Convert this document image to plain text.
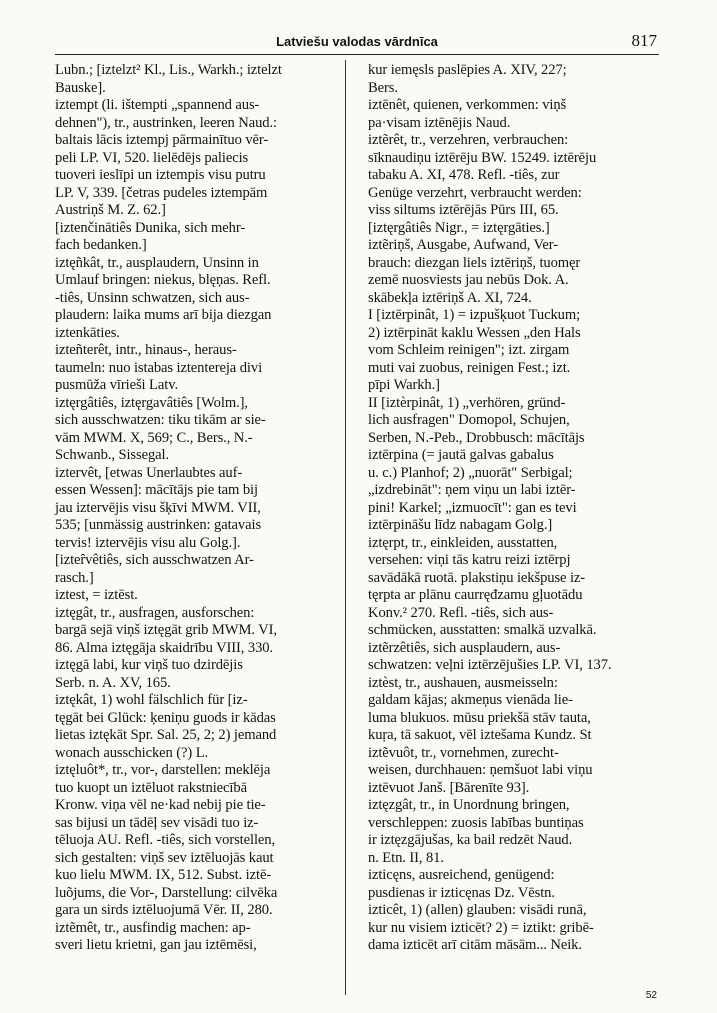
Latviešu valodas vārdnīca	817
Lubn.; [iztelzt² Kl., Lis., Warkh.; iztelzt
Bauske].
iztempt (li. ištempti „spannend aus-
dehnen"), tr., austrinken, leeren Naud.:
baltais lācis iztempj pārmainītuo vēr-
peli LP. VI, 520. lielēdējs paliecis
tuoveri ieslīpi un iztempis visu putru
LP. V, 339. [četras pudeles iztempām
Austriņš M. Z. 62.]
[iztenčinātiês Dunika, sich mehr-
fach bedanken.]
iztęñkât, tr., ausplaudern, Unsinn in
Umlauf bringen: niekus, blęņas. Refl.
-tiês, Unsinn schwatzen, sich aus-
plaudern: laika mums arī bija diezgan
iztenkāties.
izteñterêt, intr., hinaus-, heraus-
taumeln: nuo istabas iztentereja divi
pusmūža vīrieši Latv.
iztęrgâtiês, iztęrgavâtiês [Wolm.],
sich ausschwatzen: tiku tikām ar sie-
vām MWM. X, 569; C., Bers., N.-
Schwanb., Sissegal.
iztervêt, [etwas Unerlaubtes auf-
essen Wessen]: mācītājs pie tam bij
jau iztervējis visu šķīvi MWM. VII,
535; [unmässig austrinken: gatavais
tervis! iztervējis visu alu Golg.].
[izteȓvêtiês, sich ausschwatzen Ar-
rasch.]
iztest, = iztēst.
iztęgât, tr., ausfragen, ausforschen:
bargā sejā viņš iztęgāt grib MWM. VI,
86. Alma iztęgāja skaidrību VIII, 330.
iztęgā labi, kur viņš tuo dzirdējis
Serb. n. A. XV, 165.
iztękât, 1) wohl fälschlich für [iz-
tęgāt bei Glück: ķeniņu guods ir kādas
lietas iztękāt Spr. Sal. 25, 2; 2) jemand
wonach ausschicken (?) L.
iztęluôt*, tr., vor-, darstellen: meklēja
tuo kuopt un iztēluot rakstniecībā
Kronw. viņa vēl ne·kad nebij pie tie-
sas bijusi un tādēļ sev visādi tuo iz-
tēluoja AU. Refl. -tiês, sich vorstellen,
sich gestalten: viņš sev iztēluojās kaut
kuo lielu MWM. IX, 512. Subst. iztē-
luõjums, die Vor-, Darstellung: cilvēka
gara un sirds iztēluojumā Vēr. II, 280.
iztẽmêt, tr., ausfindig machen: ap-
sveri lietu krietni, gan jau iztēmēsi,
kur iemęsls paslēpies A. XIV, 227;
Bers.
iztēnêt, quienen, verkommen: viņš
pa·visam iztēnējis Naud.
iztẽrêt, tr., verzehren, verbrauchen:
sīknaudiņu iztērēju BW. 15249. iztērēju
tabaku A. XI, 478. Refl. -tiês, zur
Genüge verzehrt, verbraucht werden:
viss siltums iztērējās Pūrs III, 65.
[iztęrgâtiês Nigr., = iztęrgāties.]
iztẽriņš, Ausgabe, Aufwand, Ver-
brauch: diezgan liels iztēriņš, tuomęr
zemē nuosviests jau nebūs Dok. A.
skābekļa iztēriņš A. XI, 724.
I [iztērpinât, 1) = izpušķuot Tuckum;
2) iztērpināt kaklu Wessen „den Hals
vom Schleim reinigen"; izt. zirgam
muti vai zuobus, reinigen Fest.; izt.
pīpi Warkh.]
II [iztèrpinât, 1) „verhören, gründ-
lich ausfragen" Domopol, Schujen,
Serben, N.-Peb., Drobbusch: mācītājs
iztērpina (= jautā galvas gabalus
u. c.) Planhof; 2) „nuorāt" Serbigal;
„izdrebināt": ņem viņu un labi iztēr-
pini! Karkel; „izmuocīt": gan es tevi
iztērpināšu līdz nabagam Golg.]
iztęrpt, tr., einkleiden, ausstatten,
versehen: viņi tās katru reizi iztērpj
savādākā ruotā. plakstiņu iekšpuse iz-
tęrpta ar plānu caurręđzamu gļuotādu
Konv.² 270. Refl. -tiês, sich aus-
schmücken, ausstatten: smalkā uzvalkā.
iztẽrzêtiês, sich ausplaudern, aus-
schwatzen: veļni iztērzējušies LP. VI, 137.
iztèst, tr., aushauen, ausmeisseln:
galdam kājas; akmeņus vienāda lie-
luma blukuos. mūsu priekšā stāv tauta,
kuŗa, tā sakuot, vēl iztešama Kundz. St
iztẽvuôt, tr., vornehmen, zurecht-
weisen, durchhauen: ņemšuot labi viņu
iztēvuot Janš. [Bārenīte 93].
iztęzgât, tr., in Unordnung bringen,
verschleppen: zuosis labības buntiņas
ir iztęzgājušas, ka bail redzēt Naud.
n. Etn. II, 81.
izticęns, ausreichend, genügend:
pusdienas ir izticęnas Dz. Vēstn.
izticêt, 1) (allen) glauben: visādi runā,
kur nu visiem izticēt? 2) = iztikt: gribē-
dama izticēt arī citām māsām... Neik.
52
